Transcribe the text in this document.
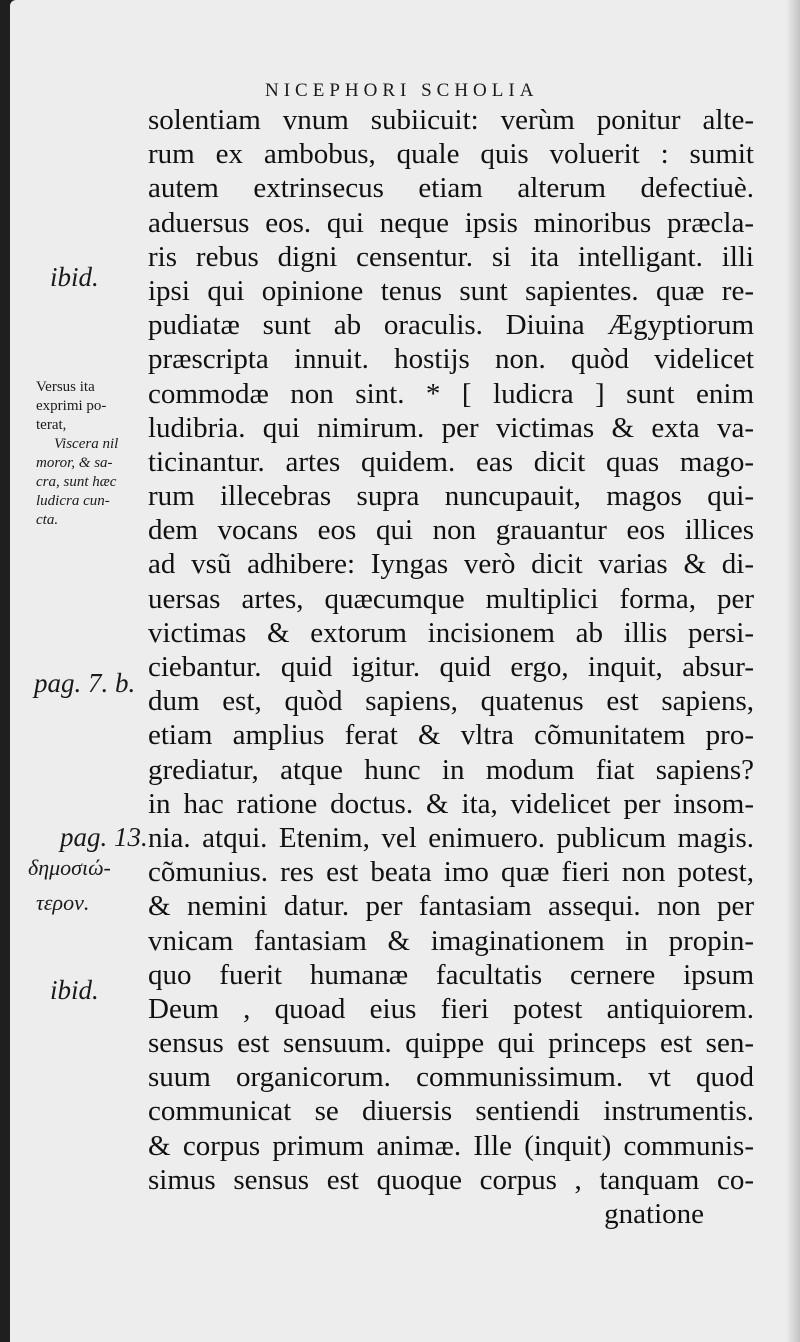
NICEPHORI SCHOLIA
solentiam vnum subiicuit: verùm ponitur alte-
rum ex ambobus, quale quis voluerit : sumit
autem extrinsecus etiam alterum defectiuè.
aduersus eos. qui neque ipsis minoribus præcla-
ris rebus digni censentur. si ita intelligant. illi
ipsi qui opinione tenus sunt sapientes. quæ re-
pudiatæ sunt ab oraculis. Diuina Ægyptiorum
præscripta innuit. hostijs non. quòd videlicet
commodæ non sint. * [ ludicra ] sunt enim
ludibria. qui nimirum. per victimas & exta va-
ticinantur. artes quidem. eas dicit quas mago-
rum illecebras supra nuncupauit, magos qui-
dem vocans eos qui non grauantur eos illices
ad vsũ adhibere: Iyngas verò dicit varias & di-
uersas artes, quæcumque multiplici forma, per
victimas & extorum incisionem ab illis persi-
ciebantur. quid igitur. quid ergo, inquit, absur-
dum est, quòd sapiens, quatenus est sapiens,
etiam amplius ferat & vltra cõmunitatem pro-
grediatur, atque hunc in modum fiat sapiens?
in hac ratione doctus. & ita, videlicet per insom-
nia. atqui. Etenim, vel enimuero. publicum magis.
cõmunius. res est beata imo quæ fieri non potest,
& nemini datur. per fantasiam assequi. non per
vnicam fantasiam & imaginationem in propin-
quo fuerit humanæ facultatis cernere ipsum
Deum , quoad eius fieri potest antiquiorem.
sensus est sensuum. quippe qui princeps est sen-
suum organicorum. communissimum. vt quod
communicat se diuersis sentiendi instrumentis.
& corpus primum animæ. Ille (inquit) communis-
simus sensus est quoque corpus , tanquam co-
gnatione
ibid.
Versus ita
exprimi po-
terat,
Viscera nil
moror, & sa-
cra, sunt hæc
ludicra cun-
cta.
pag. 7. b.
pag. 13.
δημοσιώ-
τερον.
ibid.
